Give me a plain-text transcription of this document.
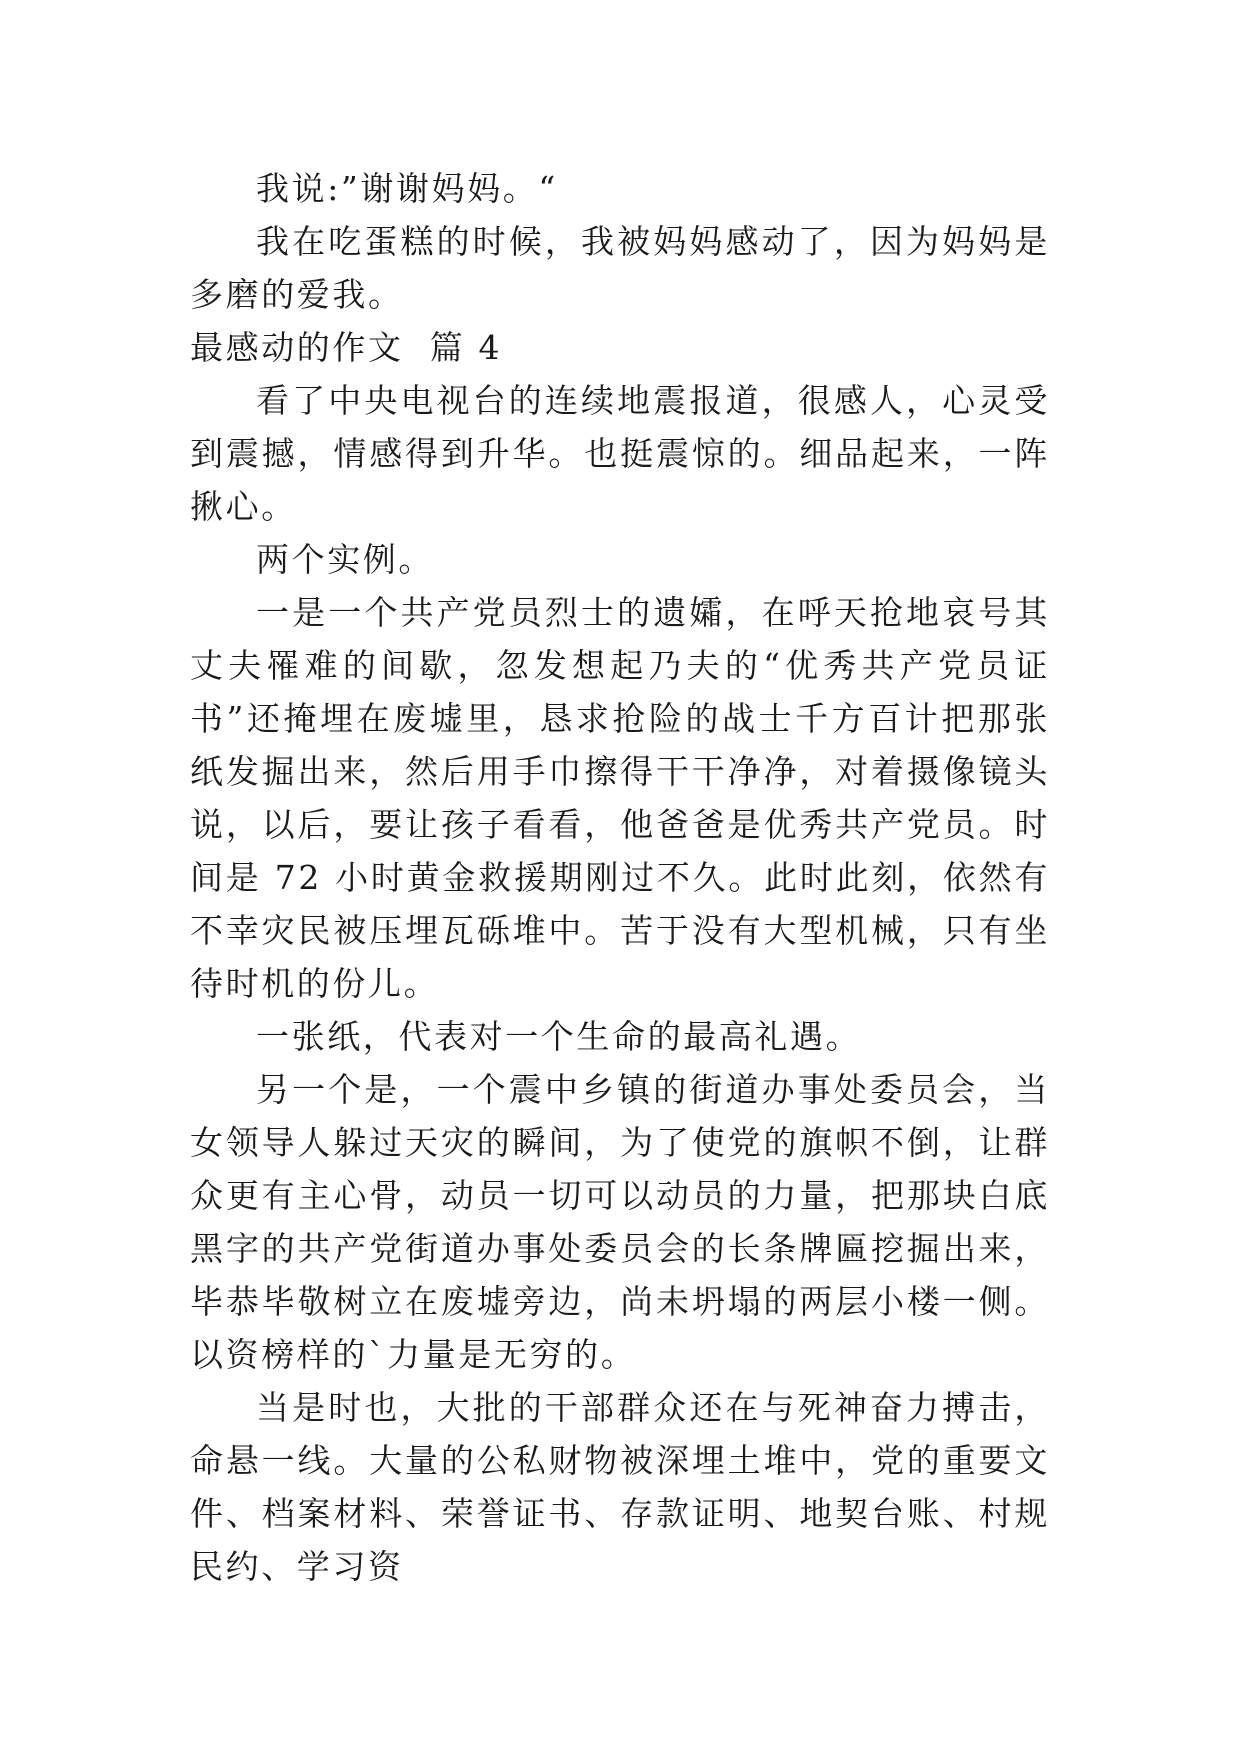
我说:”谢谢妈妈。“

我在吃蛋糕的时候，我被妈妈感动了，因为妈妈是多磨的爱我。

最感动的作文  篇 4

看了中央电视台的连续地震报道，很感人，心灵受到震撼，情感得到升华。也挺震惊的。细品起来，一阵揪心。

两个实例。

一是一个共产党员烈士的遗孀，在呼天抢地哀号其丈夫罹难的间歇，忽发想起乃夫的“优秀共产党员证书”还掩埋在废墟里，恳求抢险的战士千方百计把那张纸发掘出来，然后用手巾擦得干干净净，对着摄像镜头说，以后，要让孩子看看，他爸爸是优秀共产党员。时间是 72 小时黄金救援期刚过不久。此时此刻，依然有不幸灾民被压埋瓦砾堆中。苦于没有大型机械，只有坐待时机的份儿。

一张纸，代表对一个生命的最高礼遇。

另一个是，一个震中乡镇的街道办事处委员会，当女领导人躲过天灾的瞬间，为了使党的旗帜不倒，让群众更有主心骨，动员一切可以动员的力量，把那块白底黑字的共产党街道办事处委员会的长条牌匾挖掘出来，毕恭毕敬树立在废墟旁边，尚未坍塌的两层小楼一侧。以资榜样的`力量是无穷的。

当是时也，大批的干部群众还在与死神奋力搏击，命悬一线。大量的公私财物被深埋土堆中，党的重要文件、档案材料、荣誉证书、存款证明、地契台账、村规民约、学习资
